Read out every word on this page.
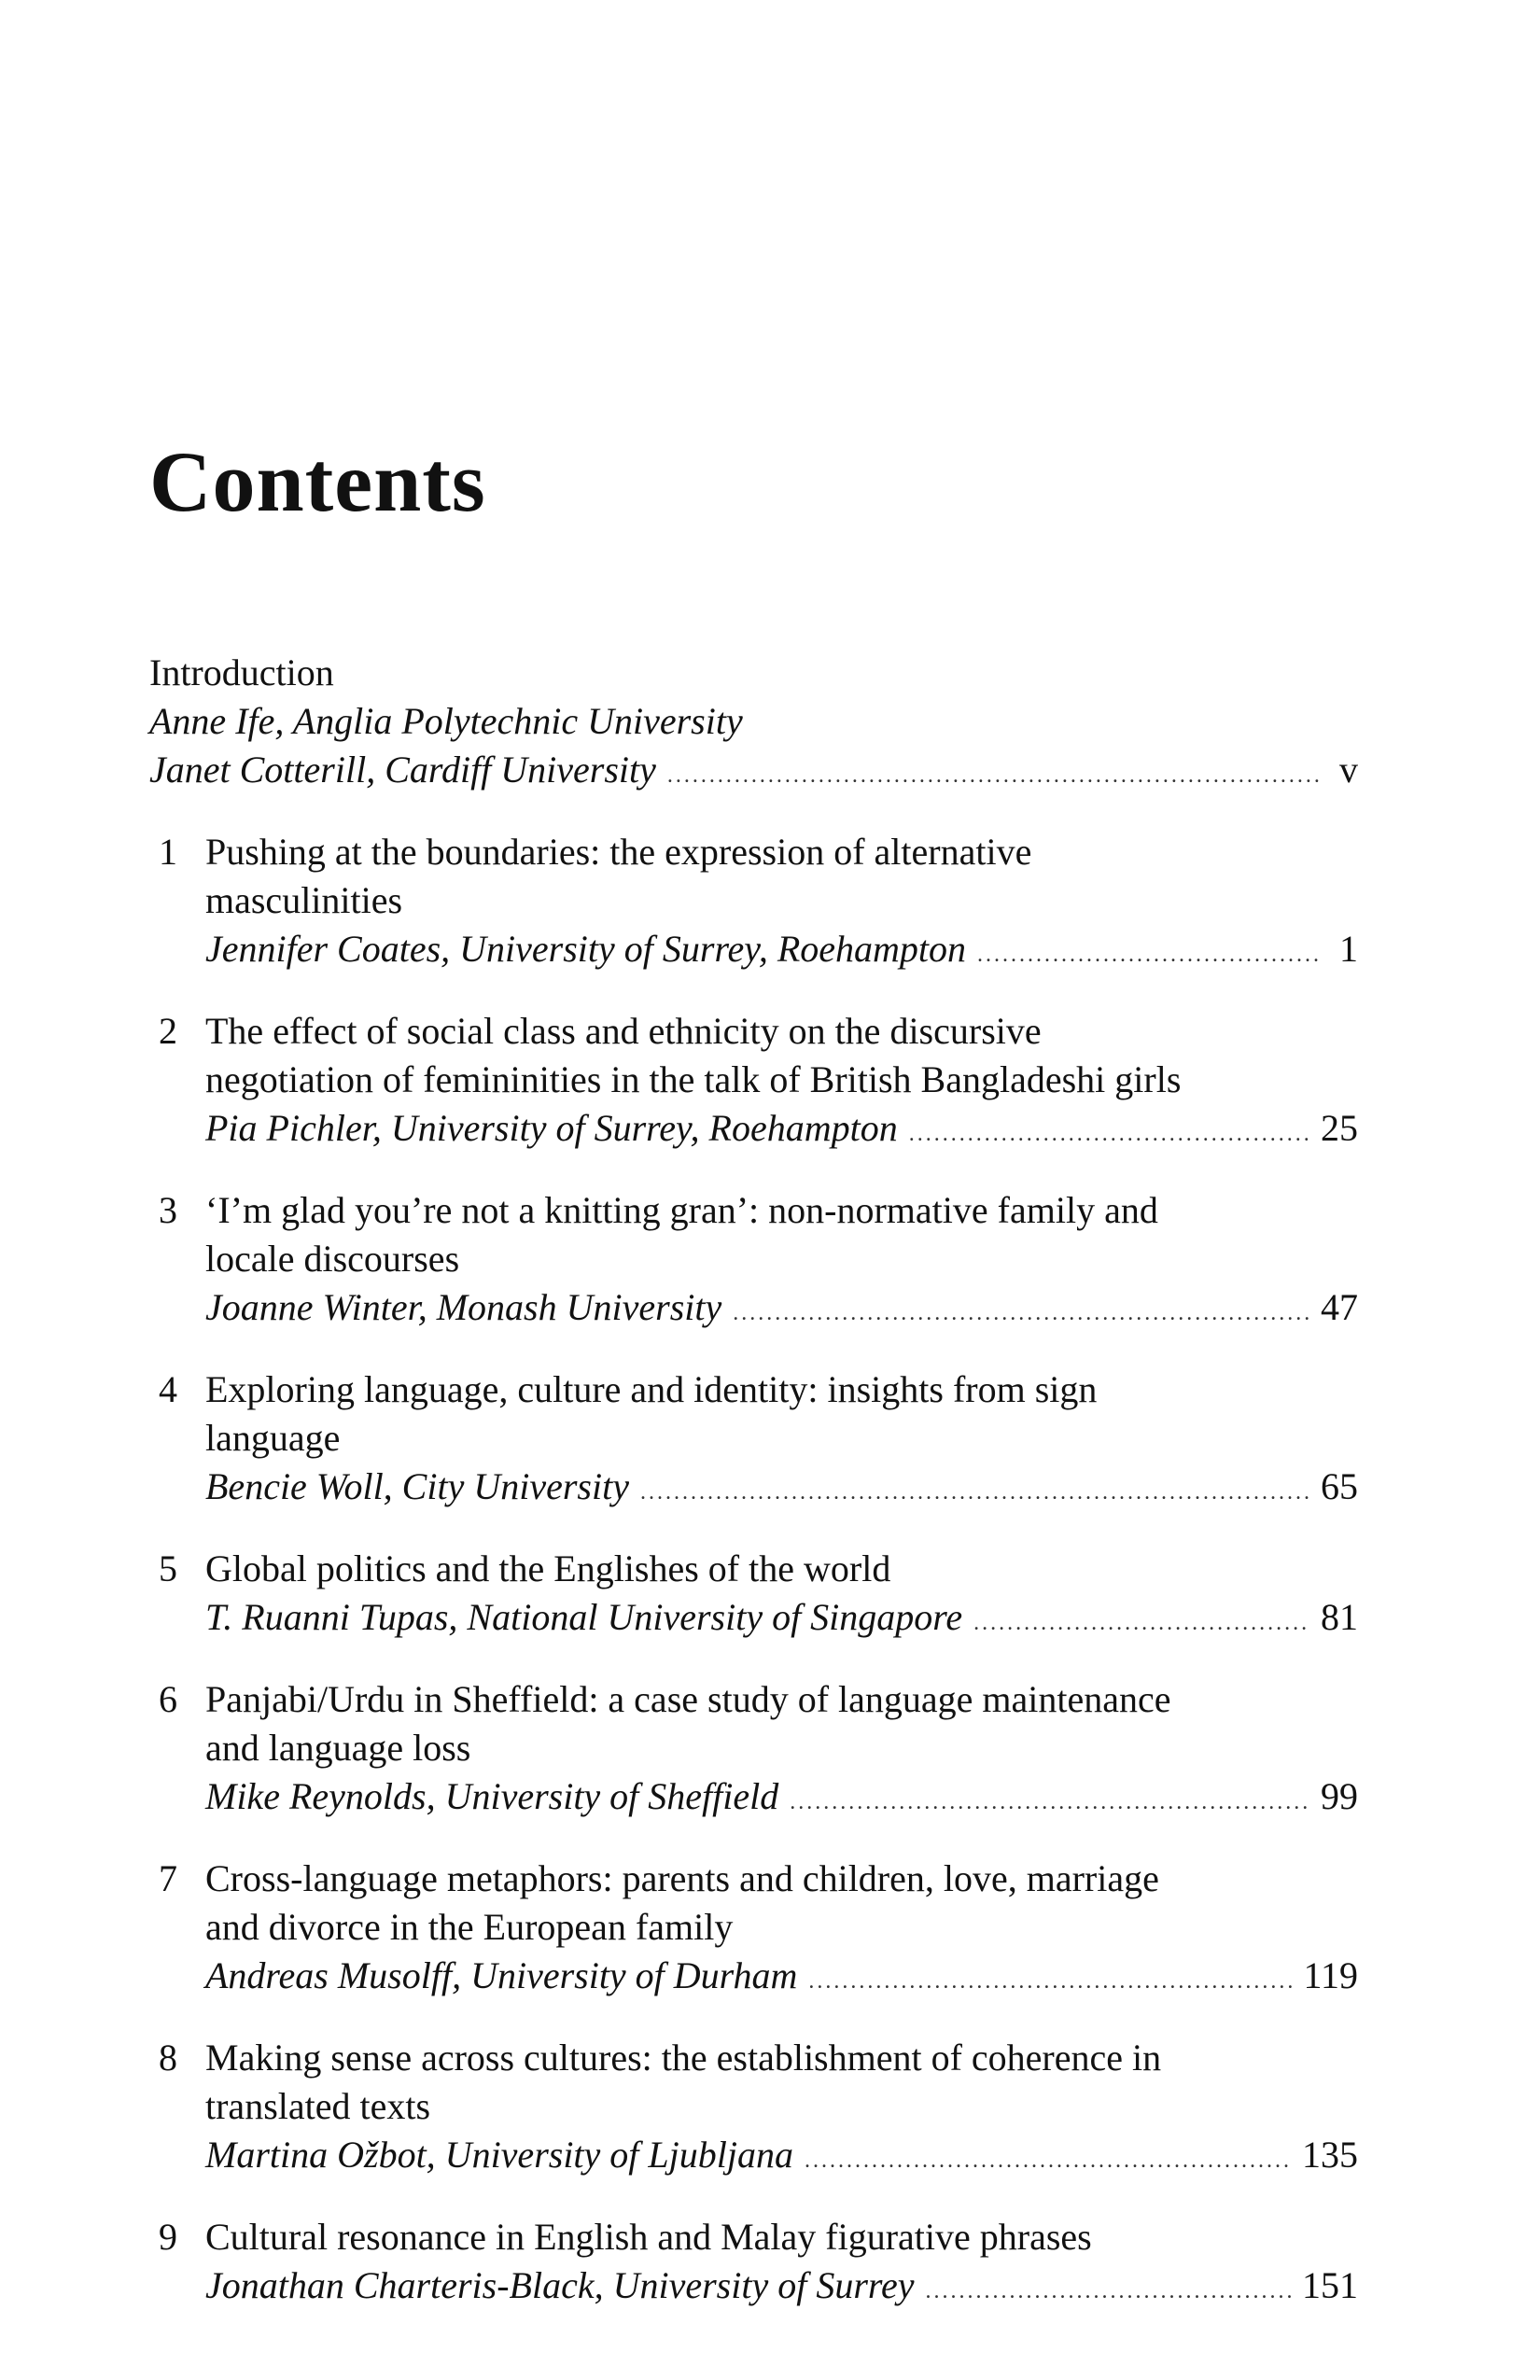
Contents
Introduction
Anne Ife, Anglia Polytechnic University
Janet Cotterill, Cardiff University .....	v
1 Pushing at the boundaries: the expression of alternative
masculinities
Jennifer Coates, University of Surrey, Roehampton .....	1
2 The effect of social class and ethnicity on the discursive
negotiation of femininities in the talk of British Bangladeshi girls
Pia Pichler, University of Surrey, Roehampton .....	25
3 ‘I’m glad you’re not a knitting gran’: non-normative family and
locale discourses
Joanne Winter, Monash University .....	47
4 Exploring language, culture and identity: insights from sign
language
Bencie Woll, City University .....	65
5 Global politics and the Englishes of the world
T. Ruanni Tupas, National University of Singapore .....	81
6 Panjabi/Urdu in Sheffield: a case study of language maintenance
and language loss
Mike Reynolds, University of Sheffield .....	99
7 Cross-language metaphors: parents and children, love, marriage
and divorce in the European family
Andreas Musolff, University of Durham .....	119
8 Making sense across cultures: the establishment of coherence in
translated texts
Martina Ožbot, University of Ljubljana .....	135
9 Cultural resonance in English and Malay figurative phrases
Jonathan Charteris-Black, University of Surrey .....	151
